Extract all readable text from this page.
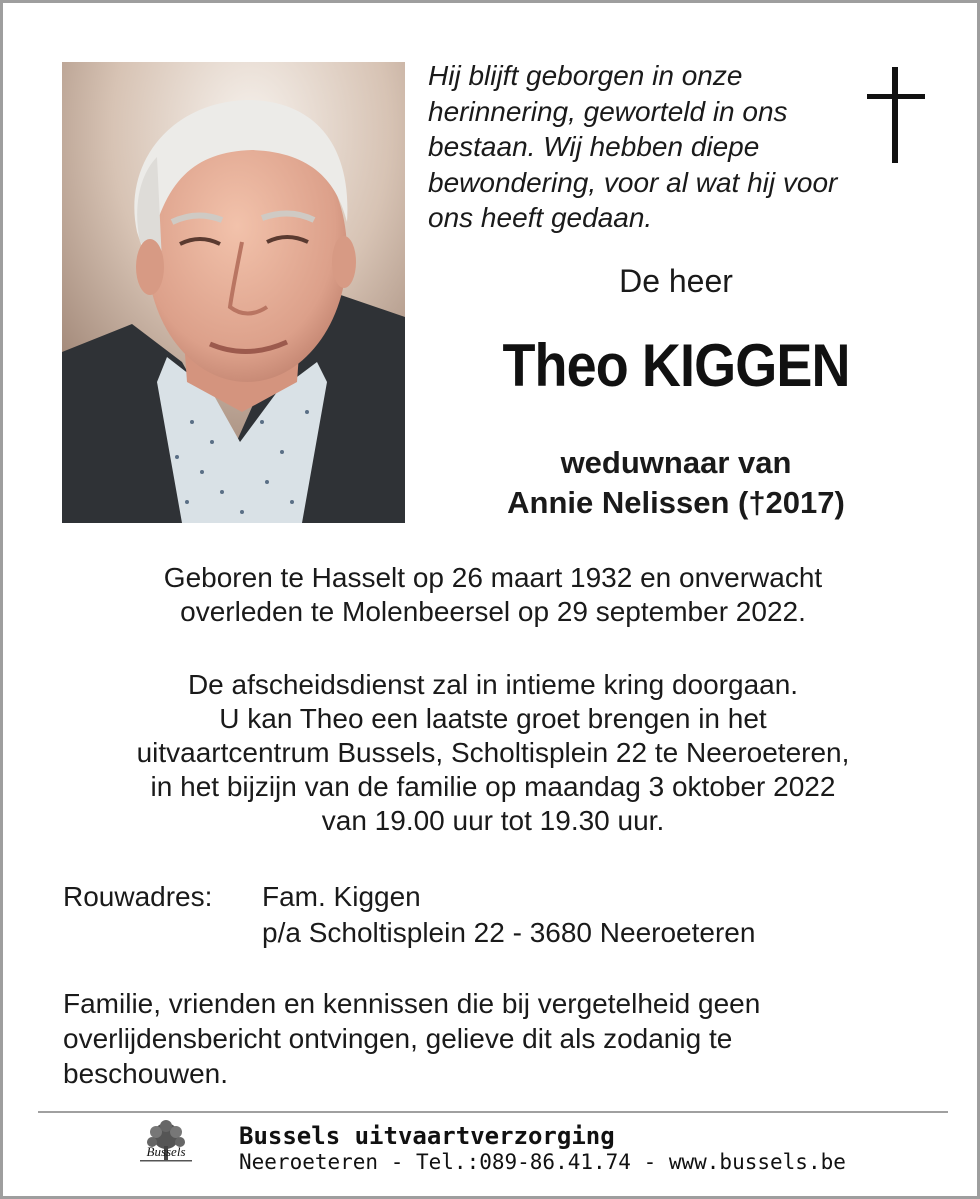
Hij blijft geborgen in onze
herinnering, geworteld in ons
bestaan. Wij hebben diepe
bewondering, voor al wat hij voor
ons heeft gedaan.
De heer
Theo KIGGEN
weduwnaar van
Annie Nelissen (†2017)
Geboren te Hasselt op 26 maart 1932 en onverwacht
overleden te Molenbeersel op 29 september 2022.
De afscheidsdienst zal in intieme kring doorgaan.
U kan Theo een laatste groet brengen in het
uitvaartcentrum Bussels, Scholtisplein 22 te Neeroeteren,
in het bijzijn van de familie op maandag 3 oktober 2022
van 19.00 uur tot 19.30 uur.
Rouwadres: Fam. Kiggen
p/a Scholtisplein 22 - 3680 Neeroeteren
Familie, vrienden en kennissen die bij vergetelheid geen
overlijdensbericht ontvingen, gelieve dit als zodanig te
beschouwen.
Bussels
Bussels uitvaartverzorging
Neeroeteren - Tel.:089-86.41.74 - www.bussels.be
